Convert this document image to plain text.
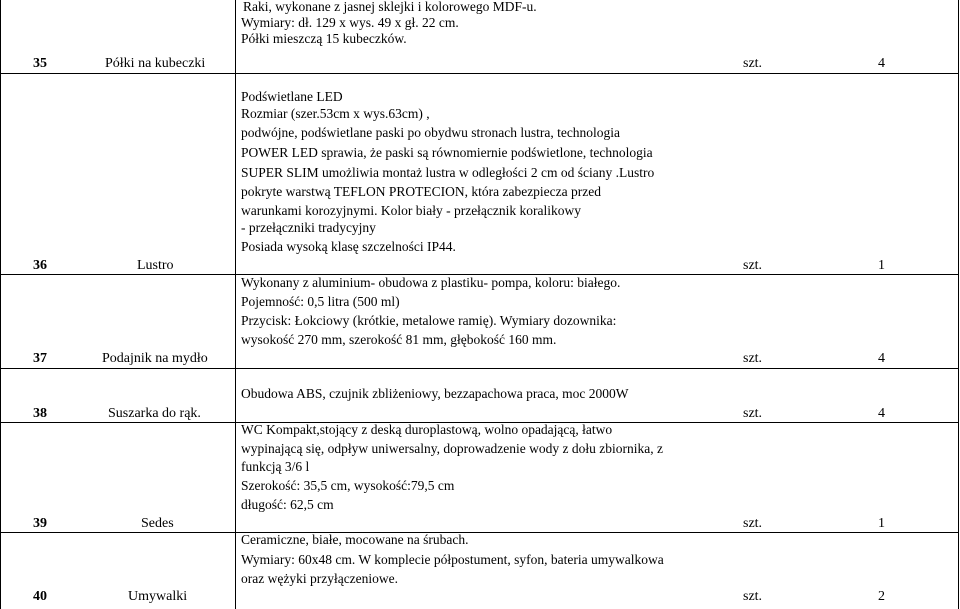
35	Półki na kubeczki
Raki, wykonane z jasnej sklejki i kolorowego MDF-u.
Wymiary: dł. 129 x wys. 49 x gł. 22 cm.
Półki mieszczą 15 kubeczków.
szt.	4
36	Lustro
Podświetlane LED
Rozmiar (szer.53cm x wys.63cm) ,
podwójne, podświetlane paski po obydwu stronach lustra, technologia
POWER LED sprawia, że paski są równomiernie podświetlone, technologia
SUPER SLIM umożliwia montaż lustra w odległości 2 cm od ściany .Lustro
pokryte warstwą TEFLON PROTECION, która zabezpiecza przed
warunkami korozyjnymi. Kolor biały - przełącznik koralikowy
- przełączniki tradycyjny
Posiada wysoką klasę szczelności IP44.
szt.	1
37	Podajnik na mydło
Wykonany z aluminium- obudowa z plastiku- pompa, koloru: białego.
Pojemność: 0,5 litra (500 ml)
Przycisk: Łokciowy (krótkie, metalowe ramię). Wymiary dozownika:
wysokość 270 mm, szerokość 81 mm, głębokość 160 mm.
szt.	4
38	Suszarka do rąk.
Obudowa ABS, czujnik zbliżeniowy, bezzapachowa praca, moc 2000W
szt.	4
39	Sedes
WC Kompakt,stojący z deską duroplastową, wolno opadającą, łatwo
wypinającą się, odpływ uniwersalny, doprowadzenie wody z dołu zbiornika, z
funkcją 3/6 l
Szerokość: 35,5 cm, wysokość:79,5 cm
długość: 62,5 cm
szt.	1
40	Umywalki
Ceramiczne, białe, mocowane na śrubach.
Wymiary: 60x48 cm. W komplecie półpostument, syfon, bateria umywalkowa
oraz wężyki przyłączeniowe.
szt.	2
